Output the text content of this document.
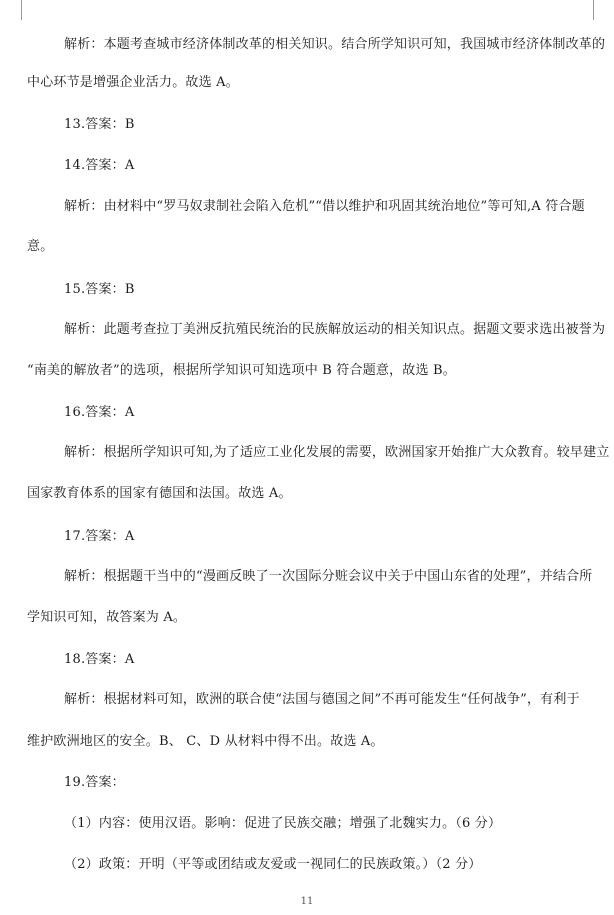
解析：本题考查城市经济体制改革的相关知识。结合所学知识可知，我国城市经济体制改革的
中心环节是增强企业活力。故选 A。
13.答案：B
14.答案：A
解析：由材料中“罗马奴隶制社会陷入危机”“借以维护和巩固其统治地位”等可知,A 符合题
意。
15.答案：B
解析：此题考查拉丁美洲反抗殖民统治的民族解放运动的相关知识点。据题文要求选出被誉为
“南美的解放者”的选项，根据所学知识可知选项中 B 符合题意，故选 B。
16.答案：A
解析：根据所学知识可知,为了适应工业化发展的需要，欧洲国家开始推广大众教育。较早建立
国家教育体系的国家有德国和法国。故选 A。
17.答案：A
解析：根据题干当中的“漫画反映了一次国际分赃会议中关于中国山东省的处理”，并结合所
学知识可知，故答案为 A。
18.答案：A
解析：根据材料可知，欧洲的联合使“法国与德国之间”不再可能发生“任何战争”，有利于
维护欧洲地区的安全。B、 C、D 从材料中得不出。故选 A。
19.答案：
（1）内容：使用汉语。影响：促进了民族交融；增强了北魏实力。（6 分）
（2）政策：开明（平等或团结或友爱或一视同仁的民族政策。）（2 分）
11
